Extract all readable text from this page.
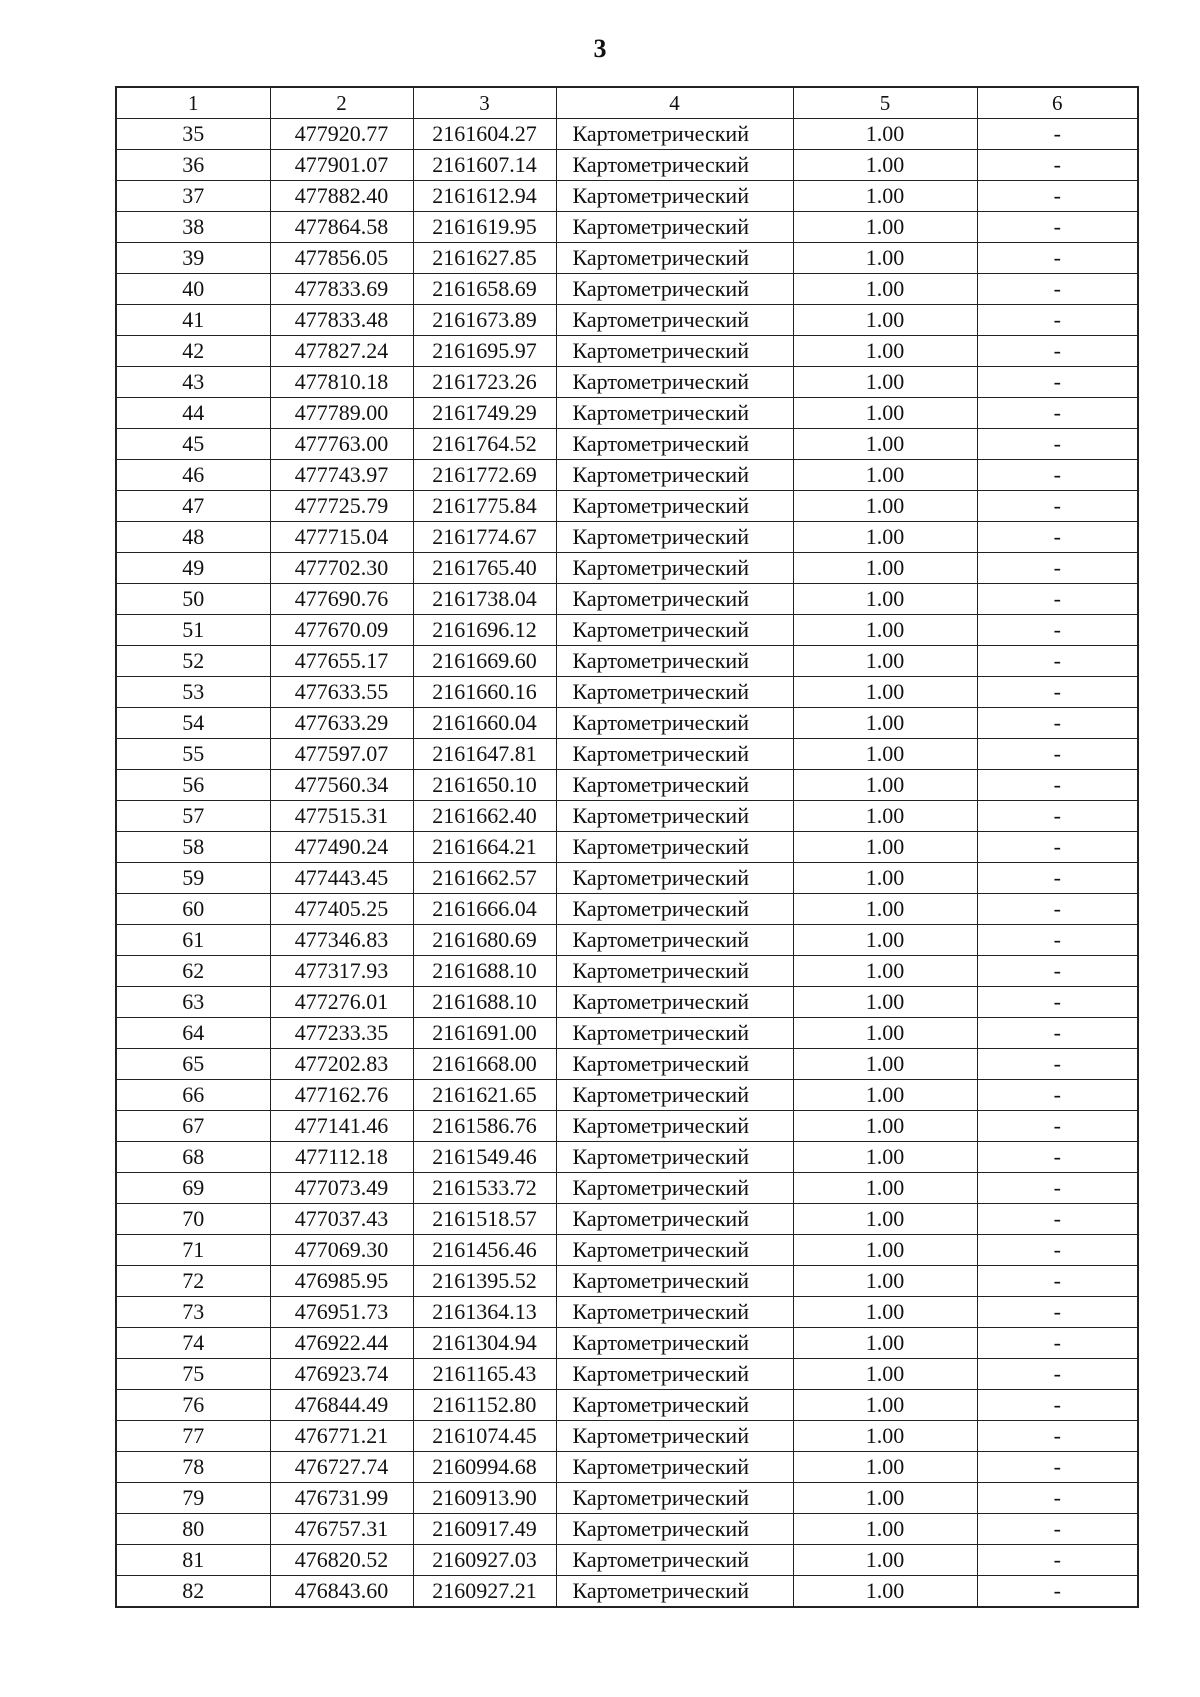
3
1	2	3	4	5	6
35	477920.77	2161604.27	Картометрический	1.00	-
36	477901.07	2161607.14	Картометрический	1.00	-
37	477882.40	2161612.94	Картометрический	1.00	-
38	477864.58	2161619.95	Картометрический	1.00	-
39	477856.05	2161627.85	Картометрический	1.00	-
40	477833.69	2161658.69	Картометрический	1.00	-
41	477833.48	2161673.89	Картометрический	1.00	-
42	477827.24	2161695.97	Картометрический	1.00	-
43	477810.18	2161723.26	Картометрический	1.00	-
44	477789.00	2161749.29	Картометрический	1.00	-
45	477763.00	2161764.52	Картометрический	1.00	-
46	477743.97	2161772.69	Картометрический	1.00	-
47	477725.79	2161775.84	Картометрический	1.00	-
48	477715.04	2161774.67	Картометрический	1.00	-
49	477702.30	2161765.40	Картометрический	1.00	-
50	477690.76	2161738.04	Картометрический	1.00	-
51	477670.09	2161696.12	Картометрический	1.00	-
52	477655.17	2161669.60	Картометрический	1.00	-
53	477633.55	2161660.16	Картометрический	1.00	-
54	477633.29	2161660.04	Картометрический	1.00	-
55	477597.07	2161647.81	Картометрический	1.00	-
56	477560.34	2161650.10	Картометрический	1.00	-
57	477515.31	2161662.40	Картометрический	1.00	-
58	477490.24	2161664.21	Картометрический	1.00	-
59	477443.45	2161662.57	Картометрический	1.00	-
60	477405.25	2161666.04	Картометрический	1.00	-
61	477346.83	2161680.69	Картометрический	1.00	-
62	477317.93	2161688.10	Картометрический	1.00	-
63	477276.01	2161688.10	Картометрический	1.00	-
64	477233.35	2161691.00	Картометрический	1.00	-
65	477202.83	2161668.00	Картометрический	1.00	-
66	477162.76	2161621.65	Картометрический	1.00	-
67	477141.46	2161586.76	Картометрический	1.00	-
68	477112.18	2161549.46	Картометрический	1.00	-
69	477073.49	2161533.72	Картометрический	1.00	-
70	477037.43	2161518.57	Картометрический	1.00	-
71	477069.30	2161456.46	Картометрический	1.00	-
72	476985.95	2161395.52	Картометрический	1.00	-
73	476951.73	2161364.13	Картометрический	1.00	-
74	476922.44	2161304.94	Картометрический	1.00	-
75	476923.74	2161165.43	Картометрический	1.00	-
76	476844.49	2161152.80	Картометрический	1.00	-
77	476771.21	2161074.45	Картометрический	1.00	-
78	476727.74	2160994.68	Картометрический	1.00	-
79	476731.99	2160913.90	Картометрический	1.00	-
80	476757.31	2160917.49	Картометрический	1.00	-
81	476820.52	2160927.03	Картометрический	1.00	-
82	476843.60	2160927.21	Картометрический	1.00	-
